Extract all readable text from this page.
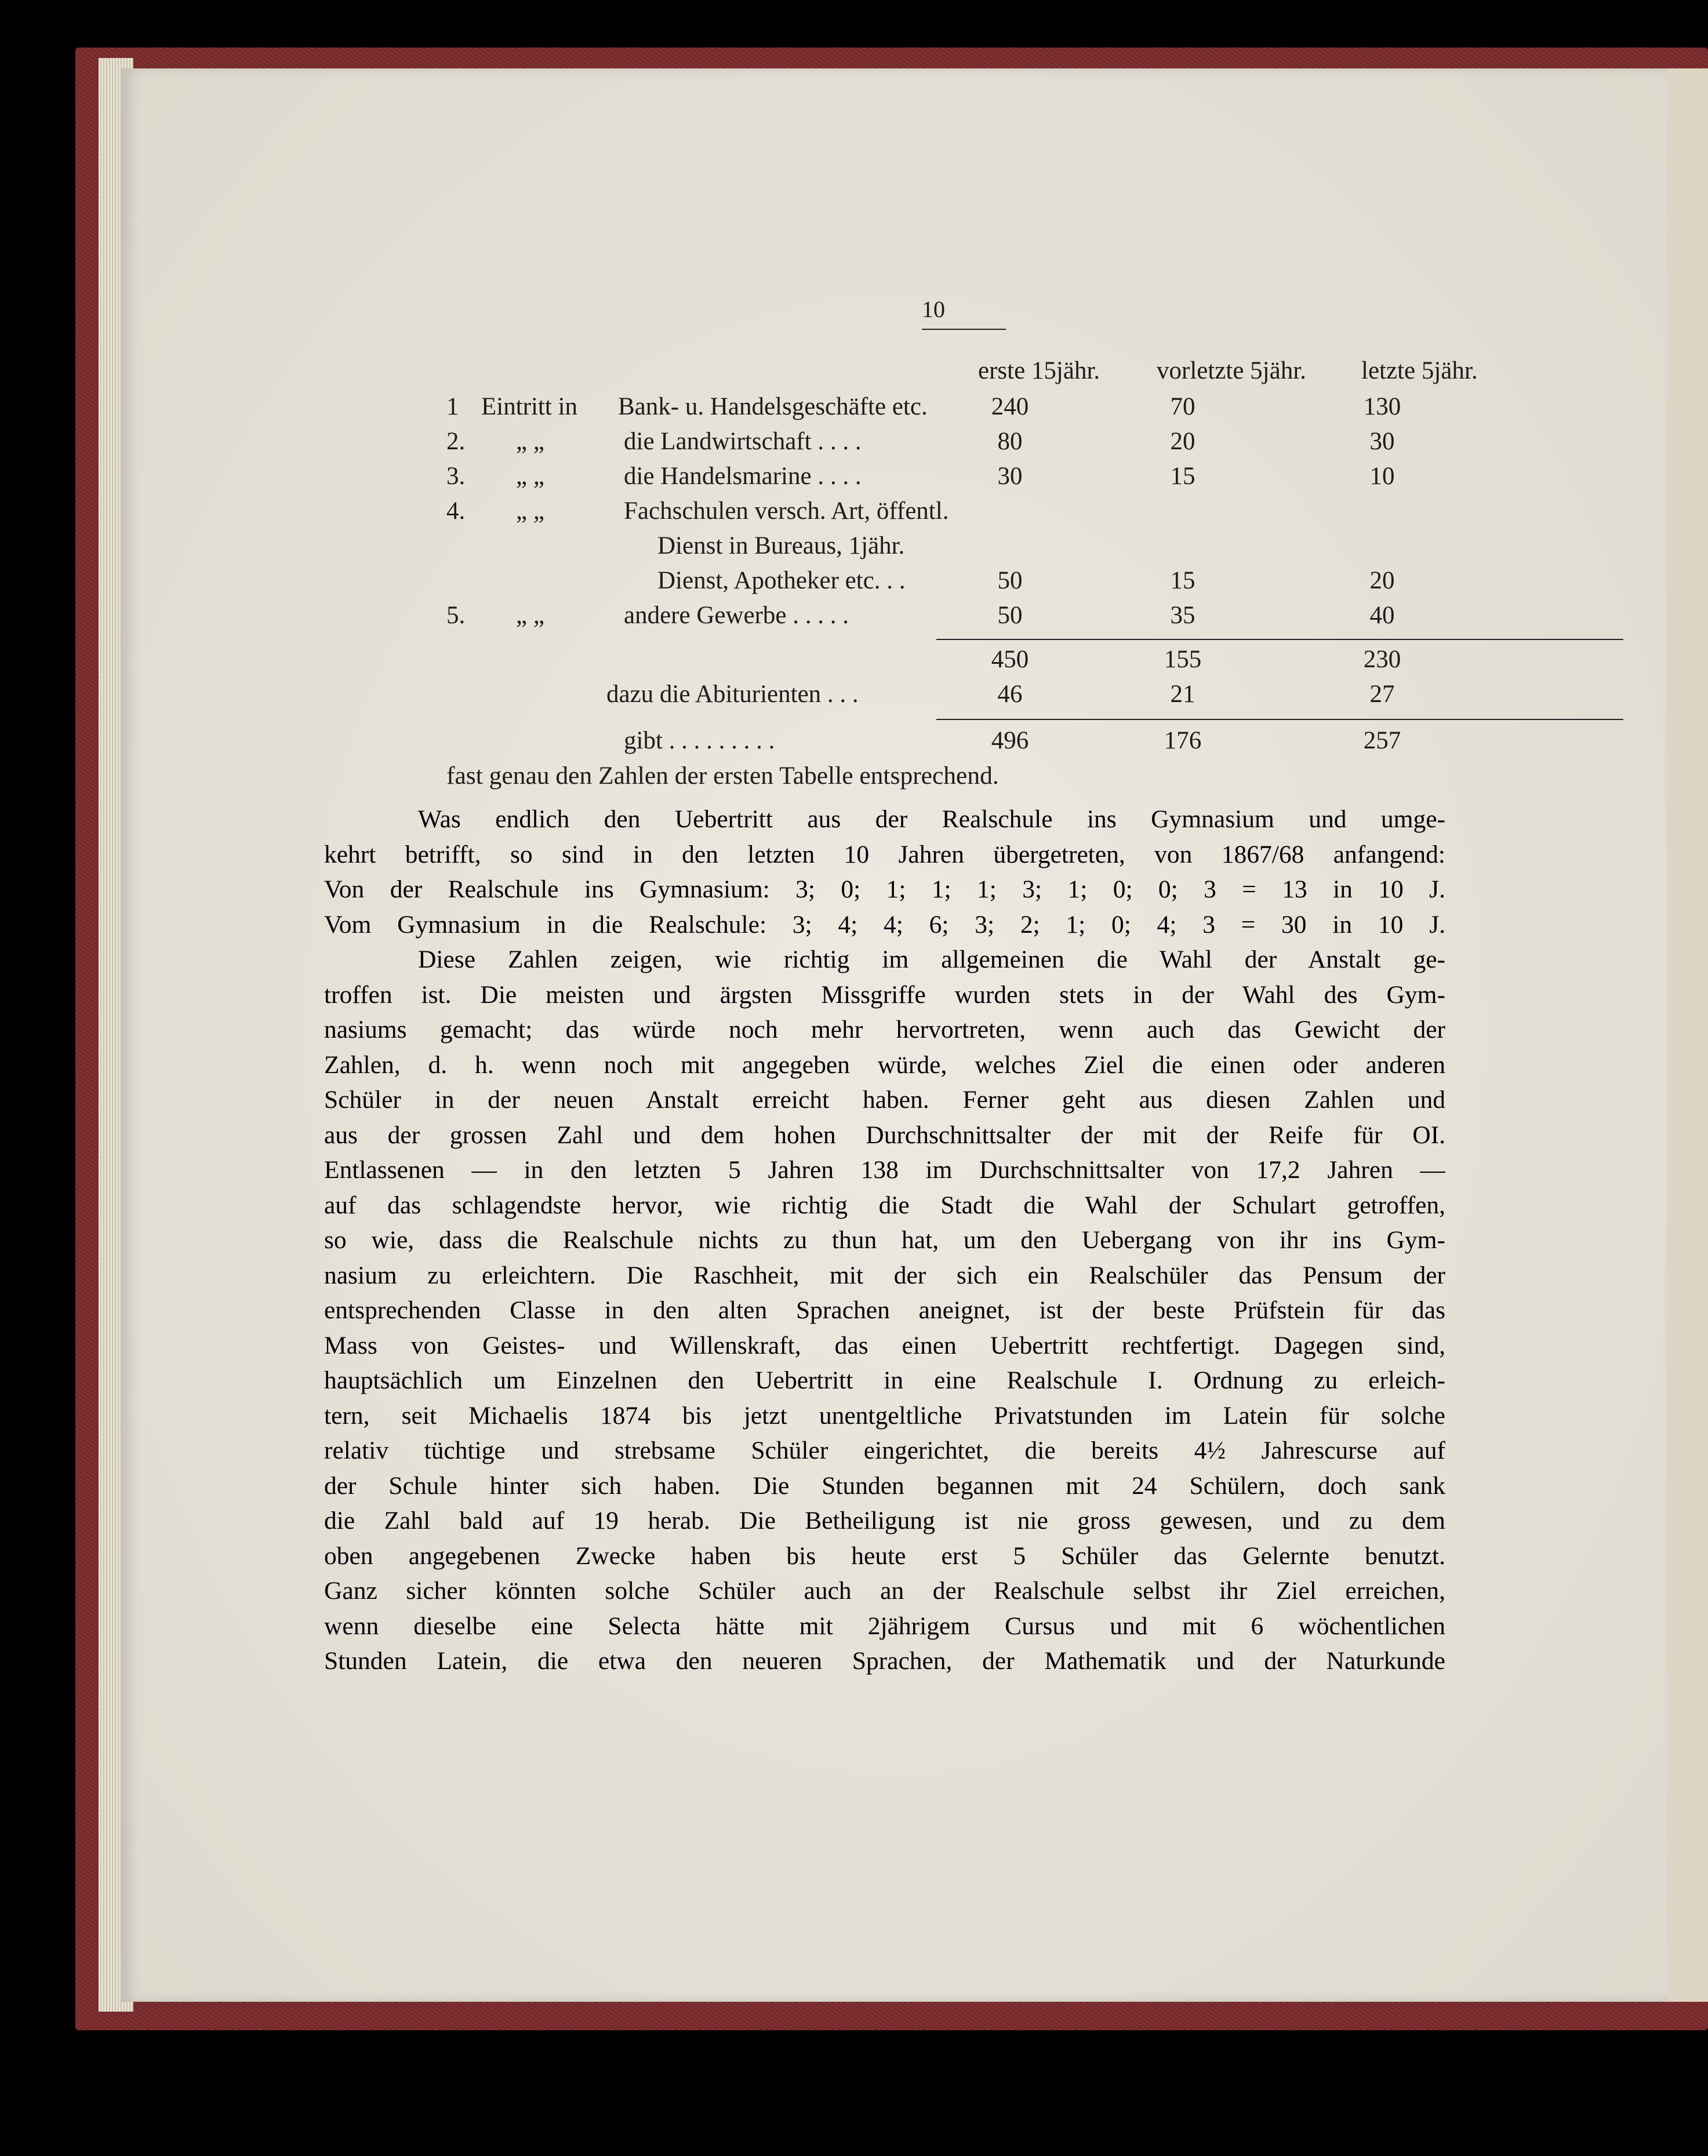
10
erste 15jähr. vorletzte 5jähr. letzte 5jähr.
1 Eintritt in Bank- u. Handelsgeschäfte etc.	240	70	130
2. „ „	die Landwirtschaft . . . .	80	20	30
3. „ „	die Handelsmarine . . . .	30	15	10
4. „ „	Fachschulen versch. Art, öffentl.
Dienst in Bureaus, 1jähr.
Dienst, Apotheker etc. . .	50	15	20
5. „ „	andere Gewerbe . . . . .	50	35	40
450	155	230
dazu die Abiturienten . . .	46	21	27
gibt . . . . . . . . .	496	176	257
fast genau den Zahlen der ersten Tabelle entsprechend.
Was endlich den Uebertritt aus der Realschule ins Gymnasium und umge-
kehrt betrifft, so sind in den letzten 10 Jahren übergetreten, von 1867/68 anfangend:
Von der Realschule ins Gymnasium: 3; 0; 1; 1; 1; 3; 1; 0; 0; 3 = 13 in 10 J.
Vom Gymnasium in die Realschule: 3; 4; 4; 6; 3; 2; 1; 0; 4; 3 = 30 in 10 J.
Diese Zahlen zeigen, wie richtig im allgemeinen die Wahl der Anstalt ge-
troffen ist. Die meisten und ärgsten Missgriffe wurden stets in der Wahl des Gym-
nasiums gemacht; das würde noch mehr hervortreten, wenn auch das Gewicht der
Zahlen, d. h. wenn noch mit angegeben würde, welches Ziel die einen oder anderen
Schüler in der neuen Anstalt erreicht haben. Ferner geht aus diesen Zahlen und
aus der grossen Zahl und dem hohen Durchschnittsalter der mit der Reife für OI.
Entlassenen — in den letzten 5 Jahren 138 im Durchschnittsalter von 17,2 Jahren —
auf das schlagendste hervor, wie richtig die Stadt die Wahl der Schulart getroffen,
so wie, dass die Realschule nichts zu thun hat, um den Uebergang von ihr ins Gym-
nasium zu erleichtern. Die Raschheit, mit der sich ein Realschüler das Pensum der
entsprechenden Classe in den alten Sprachen aneignet, ist der beste Prüfstein für das
Mass von Geistes- und Willenskraft, das einen Uebertritt rechtfertigt. Dagegen sind,
hauptsächlich um Einzelnen den Uebertritt in eine Realschule I. Ordnung zu erleich-
tern, seit Michaelis 1874 bis jetzt unentgeltliche Privatstunden im Latein für solche
relativ tüchtige und strebsame Schüler eingerichtet, die bereits 4½ Jahrescurse auf
der Schule hinter sich haben. Die Stunden begannen mit 24 Schülern, doch sank
die Zahl bald auf 19 herab. Die Betheiligung ist nie gross gewesen, und zu dem
oben angegebenen Zwecke haben bis heute erst 5 Schüler das Gelernte benutzt.
Ganz sicher könnten solche Schüler auch an der Realschule selbst ihr Ziel erreichen,
wenn dieselbe eine Selecta hätte mit 2jährigem Cursus und mit 6 wöchentlichen
Stunden Latein, die etwa den neueren Sprachen, der Mathematik und der Naturkunde
